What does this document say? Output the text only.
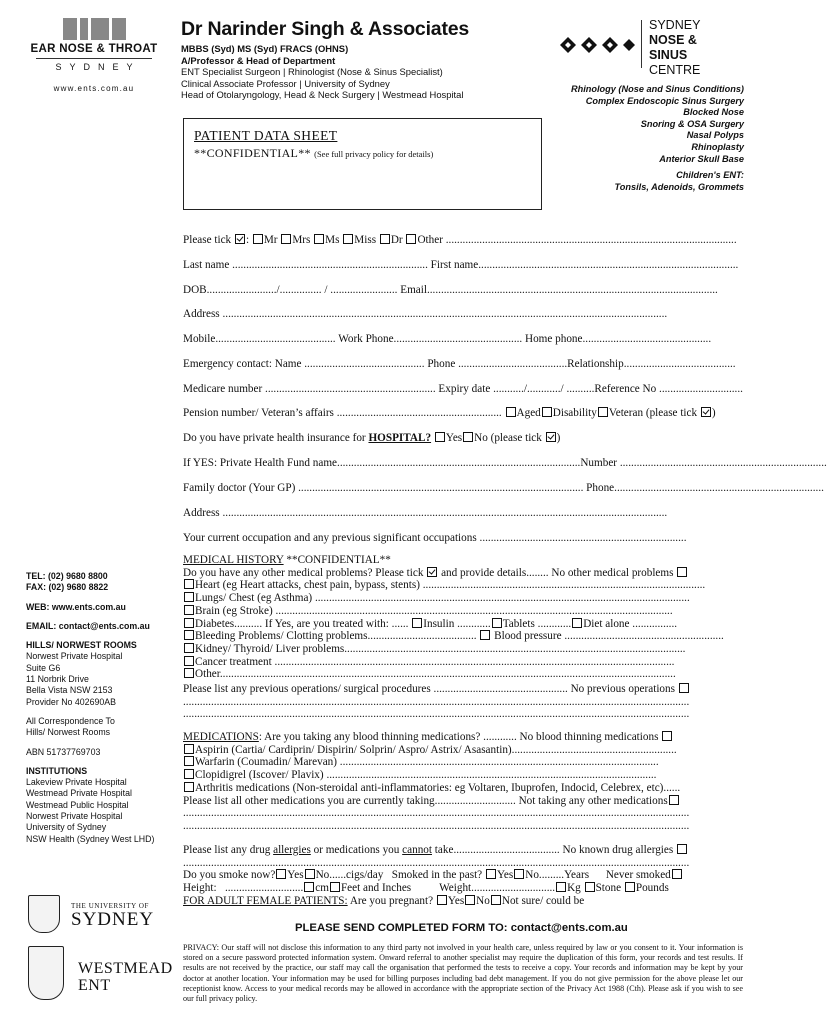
EAR NOSE & THROAT
SYDNEY
www.ents.com.au
Dr Narinder Singh & Associates
MBBS (Syd) MS (Syd) FRACS (OHNS)
A/Professor & Head of Department
ENT Specialist Surgeon | Rhinologist (Nose & Sinus Specialist)
Clinical Associate Professor | University of Sydney
Head of Otolaryngology, Head & Neck Surgery | Westmead Hospital
SYDNEY
NOSE & SINUS
CENTRE
Rhinology (Nose and Sinus Conditions)
Complex Endoscopic Sinus Surgery
Blocked Nose
Snoring & OSA Surgery
Nasal Polyps
Rhinoplasty
Anterior Skull Base
Children's ENT:
Tonsils, Adenoids, Grommets
PATIENT DATA SHEET
**CONFIDENTIAL** (See full privacy policy for details)
Please tick : Mr Mrs Ms Miss Dr Other ........................................................................................................
Last name ...................................................................... First name.............................................................................................
DOB........................./............... / ........................ Email........................................................................................................
Address ...............................................................................................................................................................
Mobile........................................... Work Phone.............................................. Home phone..............................................
Emergency contact: Name ........................................... Phone .......................................Relationship........................................
Medicare number ............................................................. Expiry date .........../............/ ..........Reference No ..............................
Pension number/ Veteran’s affairs ........................................................... Aged Disability Veteran (please tick )
Do you have private health insurance for HOSPITAL? Yes No (please tick )
If YES: Private Health Fund name.......................................................................................Number ..........................................................................
Family doctor (Your GP) ...................................................................................................... Phone...........................................................................
Address ...............................................................................................................................................................
Your current occupation and any previous significant occupations ..........................................................................
MEDICAL HISTORY **CONFIDENTIAL**
Do you have any other medical problems? Please tick and provide details........ No other medical problems
Heart (eg Heart attacks, chest pain, bypass, stents) .....................................................................................................
Lungs/ Chest (eg Asthma) ......................................................................................................................................
Brain (eg Stroke) ..............................................................................................................................................
Diabetes.......... If Yes, are you treated with: ...... Insulin ............ Tablets ............ Diet alone ................
Bleeding Problems/ Clotting problems.......................................  Blood pressure .........................................................
Kidney/ Thyroid/ Liver problems..........................................................................................................................
Cancer treatment ...............................................................................................................................................
Other...................................................................................................................................................................
Please list any previous operations/ surgical procedures ................................................ No previous operations
.....................................................................................................................................................................................
.....................................................................................................................................................................................
MEDICATIONS: Are you taking any blood thinning medications? ............ No blood thinning medications
Aspirin (Cartia/ Cardiprin/ Dispirin/ Solprin/ Aspro/ Astrix/ Asasantin)...........................................................
Warfarin (Coumadin/ Marevan) ..................................................................................................................
Clopidigrel (Iscover/ Plavix) ......................................................................................................................
Arthritis medications (Non-steroidal anti-inflammatories: eg Voltaren, Ibuprofen, Indocid, Celebrex, etc)......
Please list all other medications you are currently taking............................. Not taking any other medications
.....................................................................................................................................................................................
.....................................................................................................................................................................................
Please list any drug allergies or medications you cannot take...................................... No known drug allergies
.....................................................................................................................................................................................
Do you smoke now? Yes No......cigs/day Smoked in the past? Yes No.........Years Never smoked
Height:   ............................ cm Feet and Inches Weight.............................. Kg Stone Pounds
FOR ADULT FEMALE PATIENTS: Are you pregnant? Yes No Not sure/ could be
TEL: (02) 9680 8800
FAX: (02) 9680 8822
WEB: www.ents.com.au
EMAIL: contact@ents.com.au
HILLS/ NORWEST ROOMS
Norwest Private Hospital
Suite G6
11 Norbrik Drive
Bella Vista NSW 2153
Provider No 402690AB
All Correspondence To
Hills/ Norwest Rooms
ABN 51737769703
INSTITUTIONS
Lakeview Private Hospital
Westmead Private Hospital
Westmead Public Hospital
Norwest Private Hospital
University of Sydney
NSW Health (Sydney West LHD)
THE UNIVERSITY OF
SYDNEY
WESTMEAD
ENT
PLEASE SEND COMPLETED FORM TO: contact@ents.com.au
PRIVACY: Our staff will not disclose this information to any third party not involved in your health care, unless required by law or you consent to it. Your information is stored on a secure password protected information system. Onward referral to another specialist may require the duplication of this form, your records and test results. If results are not received by the practice, our staff may call the organisation that performed the tests to receive a copy. Your records and information may be kept by your doctor at another location. Your information may be used for billing purposes including bad debt management. If you do not give permission for the above please let our receptionist know. Access to your medical records may be allowed in accordance with the appropriate section of the Privacy Act 1988 (Cth). Please ask if you wish to see our full privacy policy.
